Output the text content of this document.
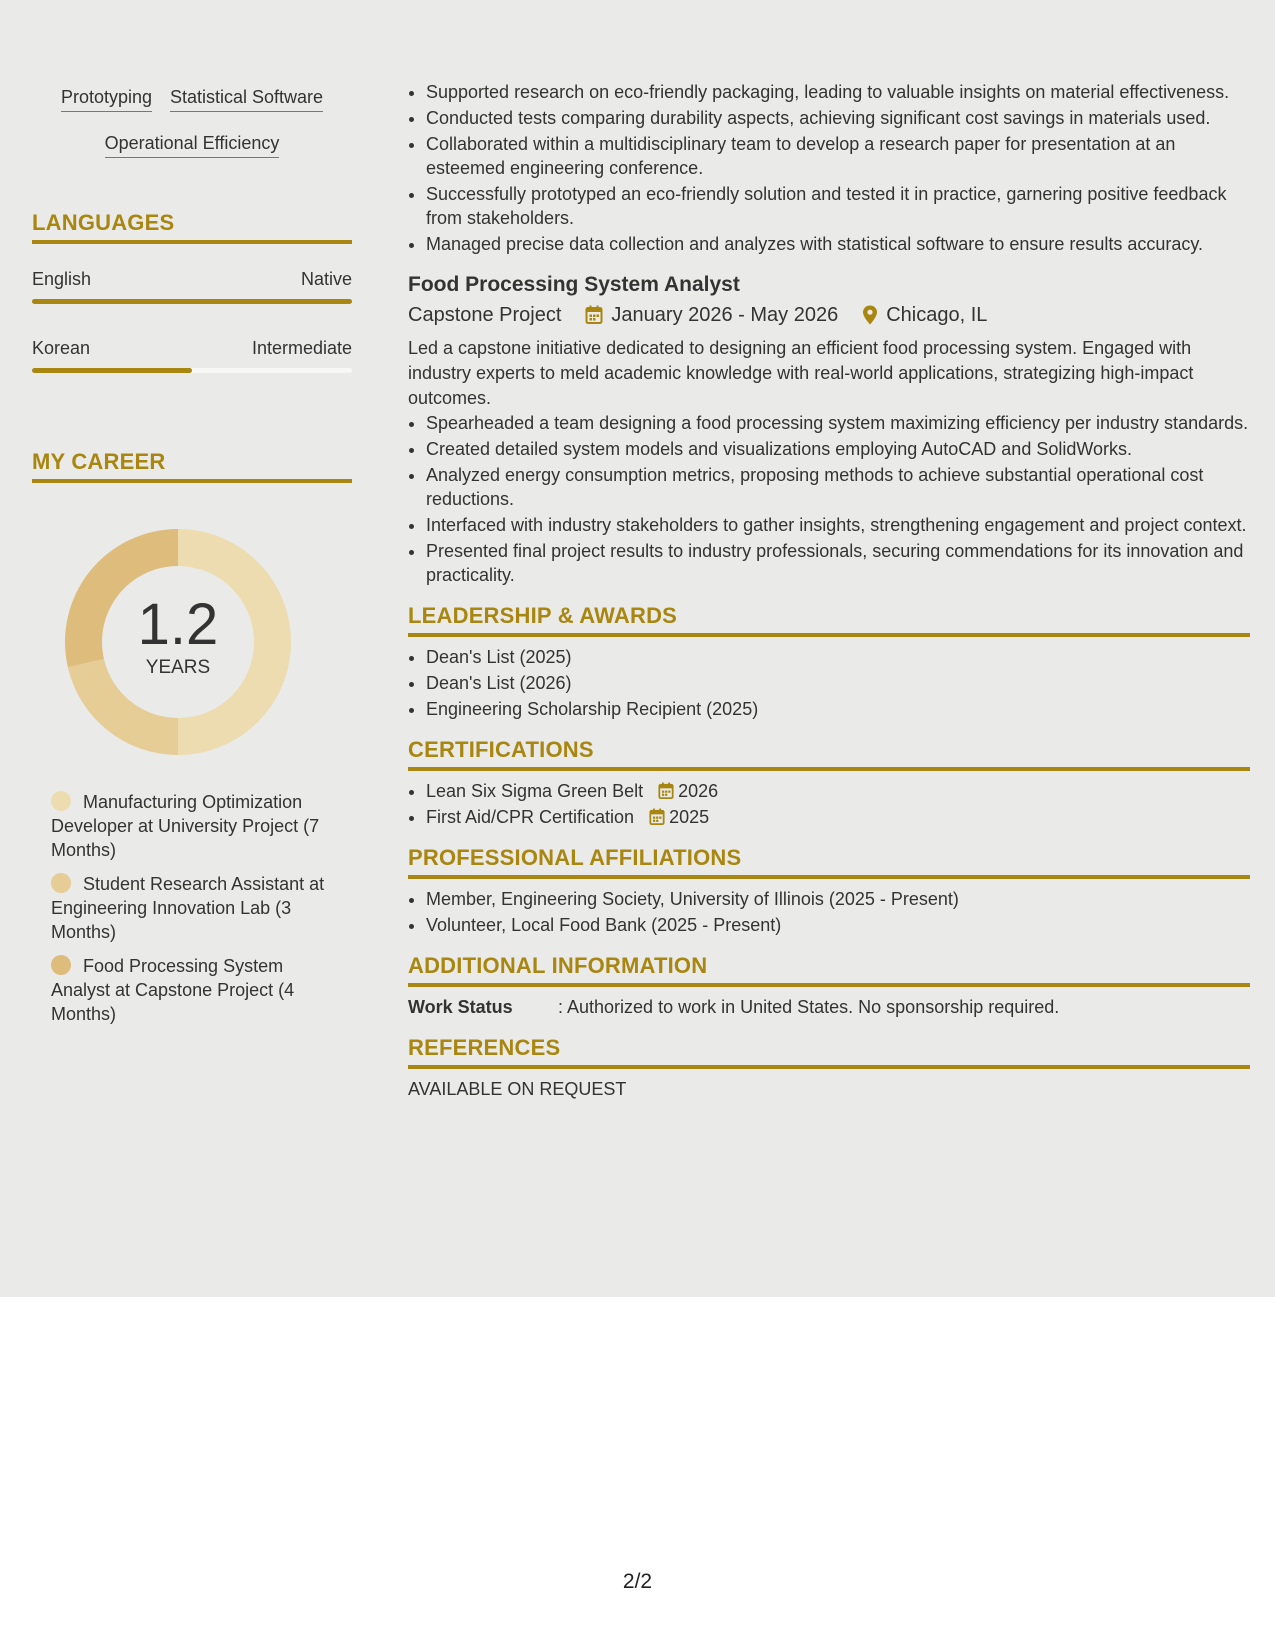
Prototyping Statistical Software
Operational Efficiency
LANGUAGES
English	Native
Korean	Intermediate
MY CAREER
1.2
YEARS
Manufacturing Optimization Developer at University Project (7 Months)
Student Research Assistant at Engineering Innovation Lab (3 Months)
Food Processing System Analyst at Capstone Project (4 Months)
• Supported research on eco-friendly packaging, leading to valuable insights on material effectiveness.
• Conducted tests comparing durability aspects, achieving significant cost savings in materials used.
• Collaborated within a multidisciplinary team to develop a research paper for presentation at an esteemed engineering conference.
• Successfully prototyped an eco-friendly solution and tested it in practice, garnering positive feedback from stakeholders.
• Managed precise data collection and analyzes with statistical software to ensure results accuracy.
Food Processing System Analyst
Capstone Project	January 2026 - May 2026 Chicago, IL
Led a capstone initiative dedicated to designing an efficient food processing system. Engaged with industry experts to meld academic knowledge with real-world applications, strategizing high-impact outcomes.
• Spearheaded a team designing a food processing system maximizing efficiency per industry standards.
• Created detailed system models and visualizations employing AutoCAD and SolidWorks.
• Analyzed energy consumption metrics, proposing methods to achieve substantial operational cost reductions.
• Interfaced with industry stakeholders to gather insights, strengthening engagement and project context.
• Presented final project results to industry professionals, securing commendations for its innovation and practicality.
LEADERSHIP & AWARDS
• Dean's List (2025)
• Dean's List (2026)
• Engineering Scholarship Recipient (2025)
CERTIFICATIONS
• Lean Six Sigma Green Belt 2026
• First Aid/CPR Certification 2025
PROFESSIONAL AFFILIATIONS
• Member, Engineering Society, University of Illinois (2025 - Present)
• Volunteer, Local Food Bank (2025 - Present)
ADDITIONAL INFORMATION
Work Status	: Authorized to work in United States. No sponsorship required.
REFERENCES
AVAILABLE ON REQUEST
2/2
